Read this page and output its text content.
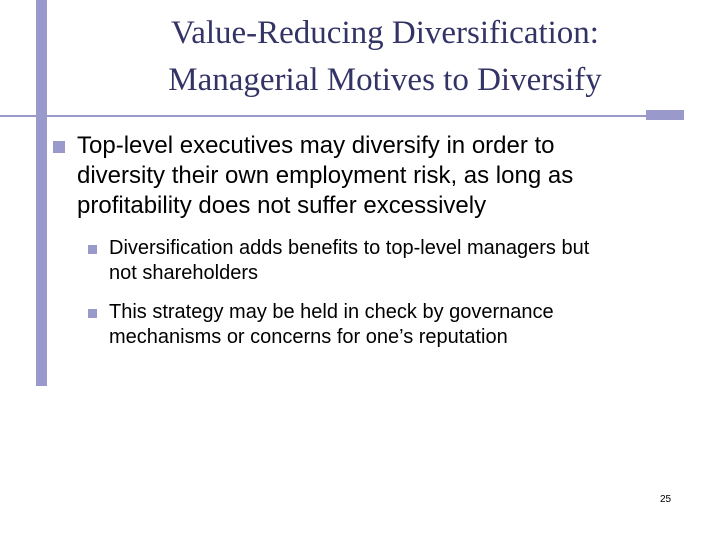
Value-Reducing Diversification:
Managerial Motives to Diversify
Top-level executives may diversify in order to
diversity their own employment risk, as long as
profitability does not suffer excessively
Diversification adds benefits to top-level managers but
not shareholders
This strategy may be held in check by governance
mechanisms or concerns for one’s reputation
25
